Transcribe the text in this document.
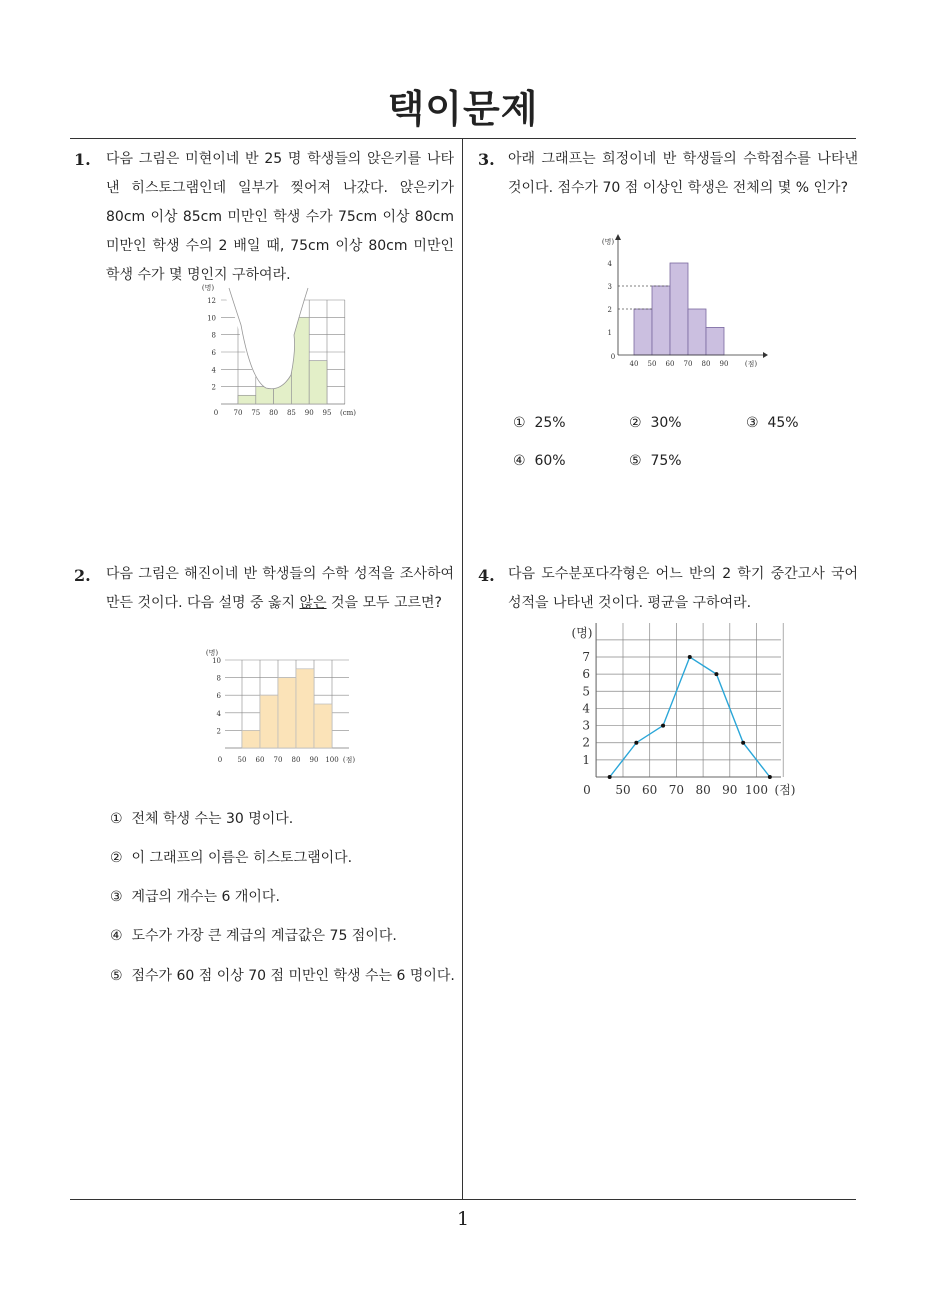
택이문제
1
1. 다음 그림은 미현이네 반 25 명 학생들의 앉은키를 나타낸 히스토그램인데 일부가 찢어져 나갔다. 앉은키가 80cm 이상 85cm 미만인 학생 수가 75cm 이상 80cm 미만인 학생 수의 2 배일 때, 75cm 이상 80cm 미만인 학생 수가 몇 명인지 구하여라.
2
4
6
8
10
12
(명)
0 70 75 80 85 90 95 (cm)
2. 다음 그림은 해진이네 반 학생들의 수학 성적을 조사하여 만든 것이다. 다음 설명 중 옳지 않은 것을 모두 고르면?
2
4
6
8
10
(명)
0 50 60 70 80 90 100 (점)
① 전체 학생 수는 30 명이다.
② 이 그래프의 이름은 히스토그램이다.
③ 계급의 개수는 6 개이다.
④ 도수가 가장 큰 계급의 계급값은 75 점이다.
⑤ 점수가 60 점 이상 70 점 미만인 학생 수는 6 명이다.
3. 아래 그래프는 희정이네 반 학생들의 수학점수를 나타낸 것이다. 점수가 70 점 이상인 학생은 전체의 몇 % 인가?
1
2
3
4
(명)
0
40 50 60 70 80 90 (점)
① 25%	② 30%	③ 45%
④ 60%	⑤ 75%
4. 다음 도수분포다각형은 어느 반의 2 학기 중간고사 국어 성적을 나타낸 것이다. 평균을 구하여라.
1
2
3
4
5
6
7
(명)
0 50 60 70 80 90 100 (점)
